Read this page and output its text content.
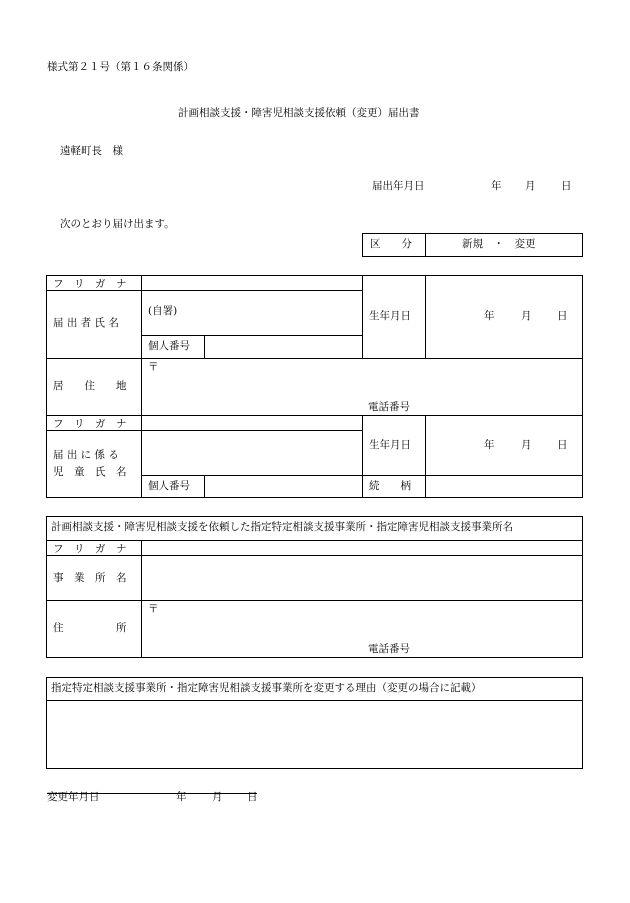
様式第２１号（第１６条関係）
計画相談支援・障害児相談支援依頼（変更）届出書
遠軽町長　様
届出年月日	年 月 日
次のとおり届け出ます。
区　　分	新規　・　変更
フ　リ　ガ　ナ
届 出 者 氏 名
(自署)
個人番号
生年月日	年	月 日
居　　住　　地
〒
電話番号
フ　リ　ガ　ナ
届 出 に 係 る
児　童　氏　名
個人番号
生年月日	年	月 日
続　　柄
計画相談支援・障害児相談支援を依頼した指定特定相談支援事業所・指定障害児相談支援事業所名
フ　リ　ガ　ナ
事　業　所　名
住　　　　　所
〒
電話番号
指定特定相談支援事業所・指定障害児相談支援事業所を変更する理由（変更の場合に記載）
変更年月日	年 月 日
